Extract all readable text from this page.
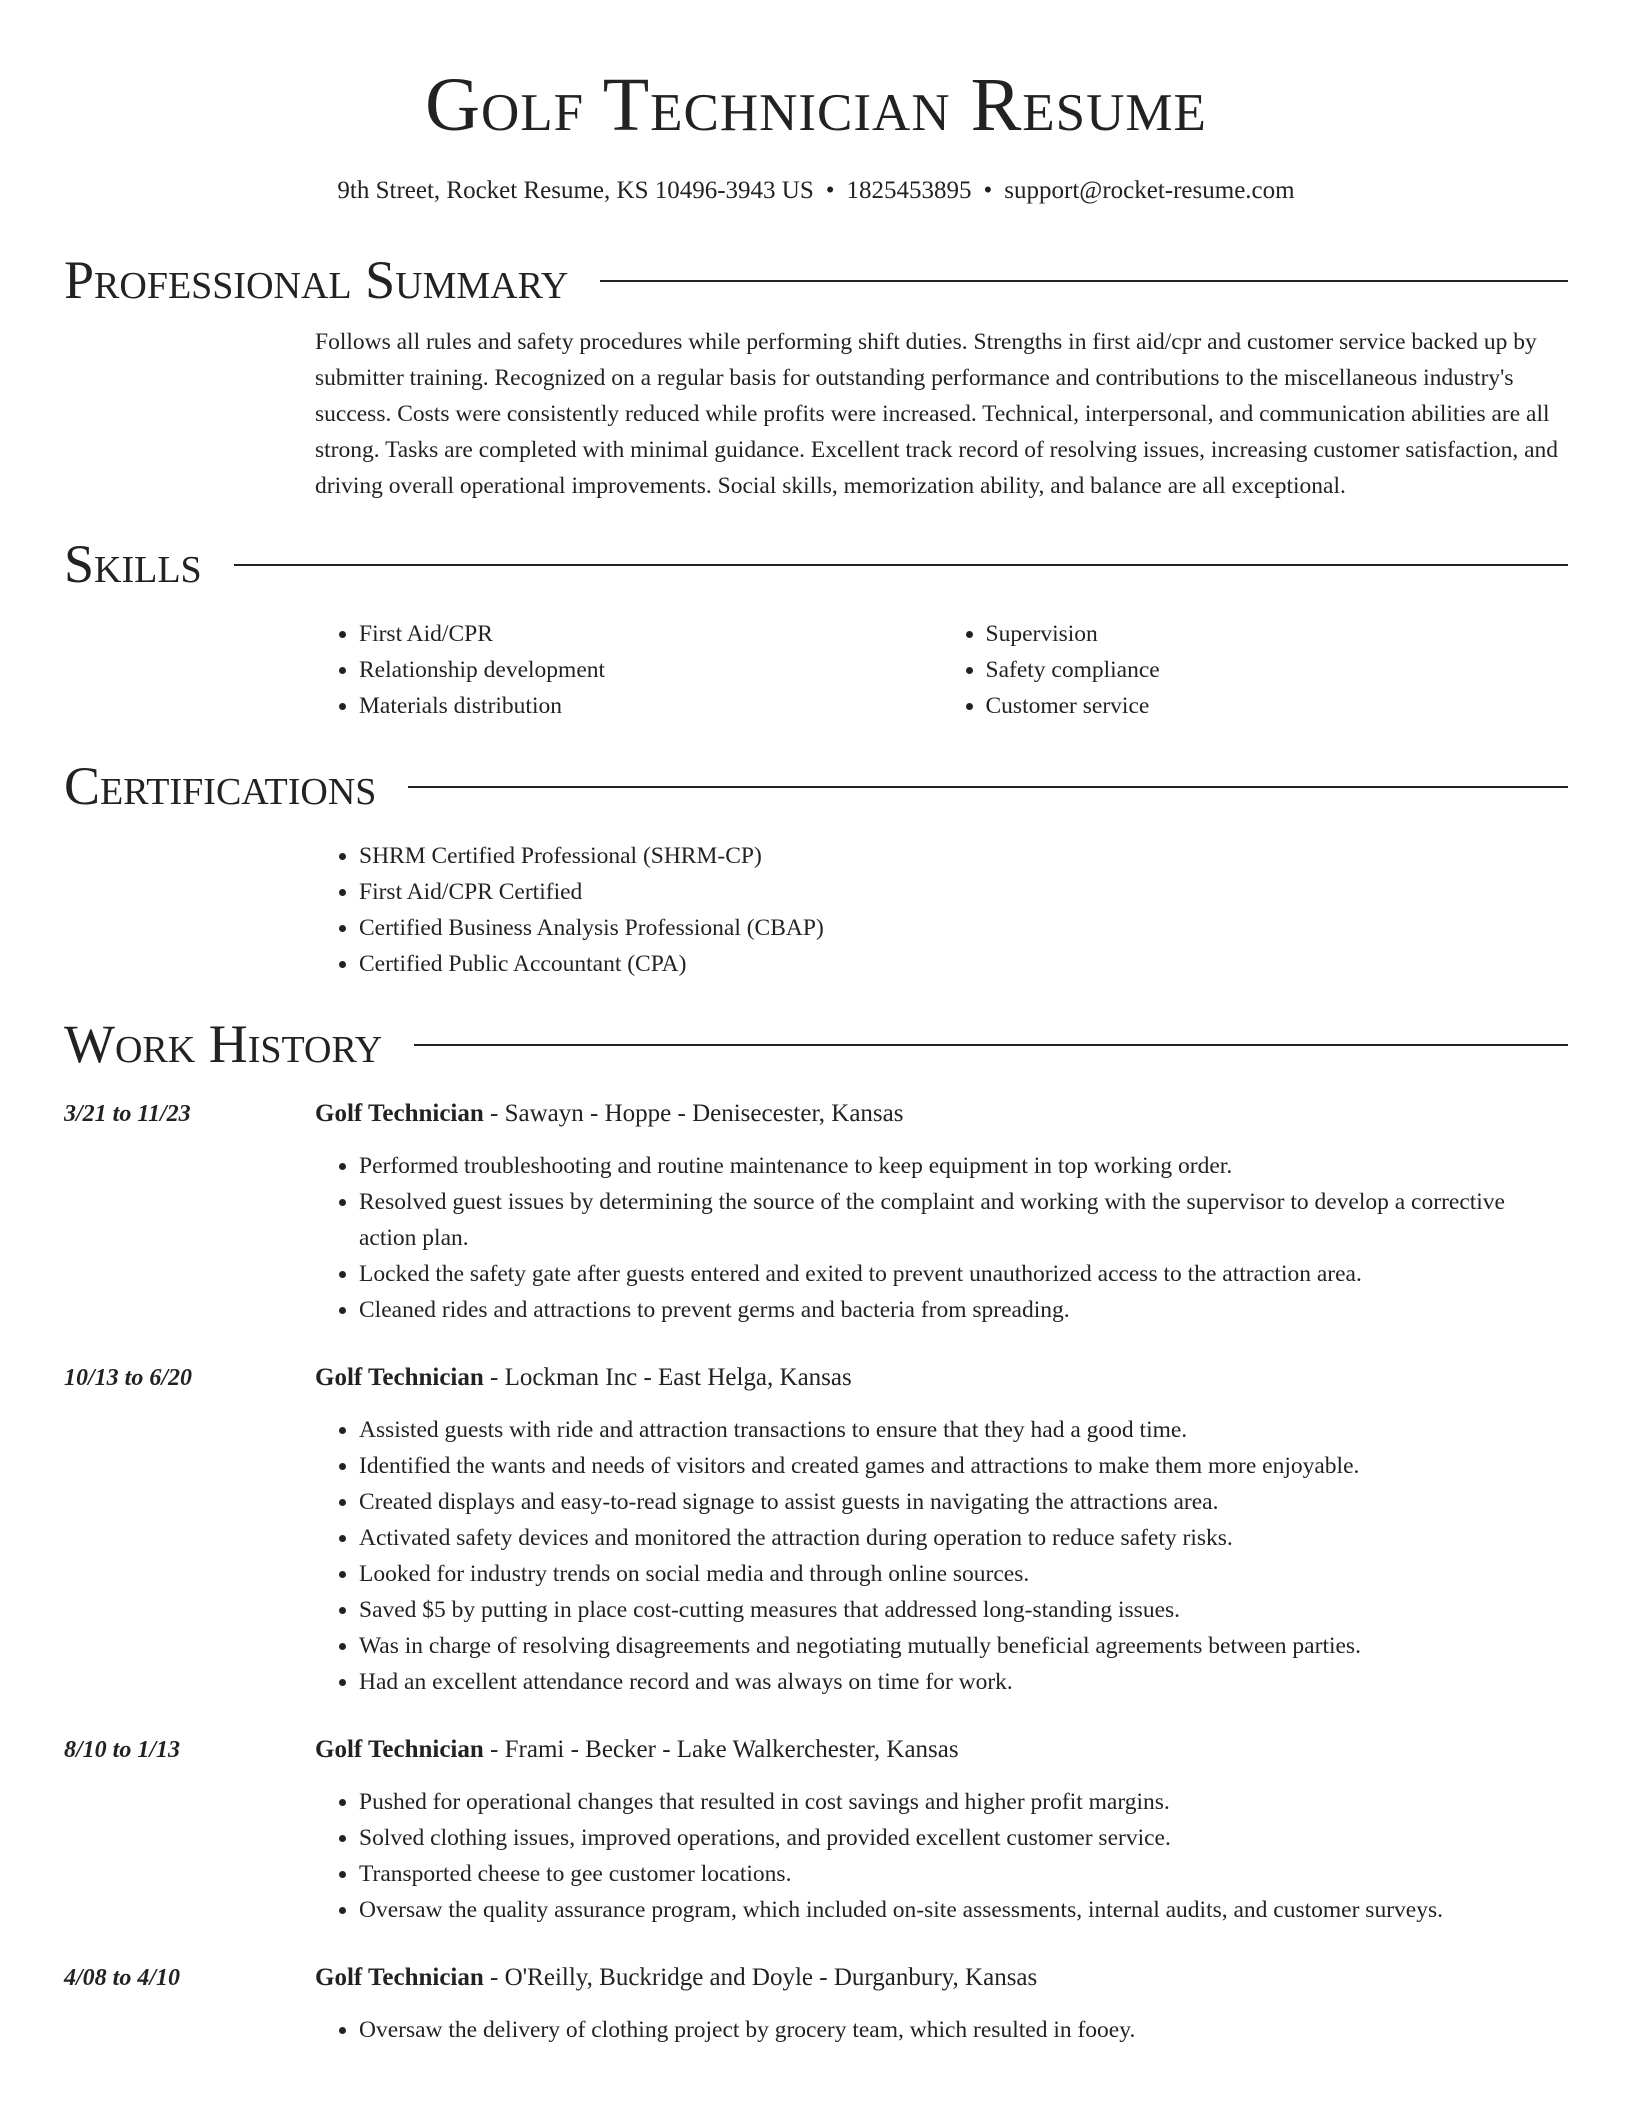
Golf Technician Resume
9th Street, Rocket Resume, KS 10496-3943 US • 1825453895 • support@rocket-resume.com
Professional Summary
Follows all rules and safety procedures while performing shift duties. Strengths in first aid/cpr and customer service backed up by submitter training. Recognized on a regular basis for outstanding performance and contributions to the miscellaneous industry's success. Costs were consistently reduced while profits were increased. Technical, interpersonal, and communication abilities are all strong. Tasks are completed with minimal guidance. Excellent track record of resolving issues, increasing customer satisfaction, and driving overall operational improvements. Social skills, memorization ability, and balance are all exceptional.
Skills
• First Aid/CPR
• Relationship development
• Materials distribution
• Supervision
• Safety compliance
• Customer service
Certifications
• SHRM Certified Professional (SHRM-CP)
• First Aid/CPR Certified
• Certified Business Analysis Professional (CBAP)
• Certified Public Accountant (CPA)
Work History
3/21 to 11/23	Golf Technician - Sawayn - Hoppe - Denisecester, Kansas
• Performed troubleshooting and routine maintenance to keep equipment in top working order.
• Resolved guest issues by determining the source of the complaint and working with the supervisor to develop a corrective action plan.
• Locked the safety gate after guests entered and exited to prevent unauthorized access to the attraction area.
• Cleaned rides and attractions to prevent germs and bacteria from spreading.
10/13 to 6/20	Golf Technician - Lockman Inc - East Helga, Kansas
• Assisted guests with ride and attraction transactions to ensure that they had a good time.
• Identified the wants and needs of visitors and created games and attractions to make them more enjoyable.
• Created displays and easy-to-read signage to assist guests in navigating the attractions area.
• Activated safety devices and monitored the attraction during operation to reduce safety risks.
• Looked for industry trends on social media and through online sources.
• Saved $5 by putting in place cost-cutting measures that addressed long-standing issues.
• Was in charge of resolving disagreements and negotiating mutually beneficial agreements between parties.
• Had an excellent attendance record and was always on time for work.
8/10 to 1/13	Golf Technician - Frami - Becker - Lake Walkerchester, Kansas
• Pushed for operational changes that resulted in cost savings and higher profit margins.
• Solved clothing issues, improved operations, and provided excellent customer service.
• Transported cheese to gee customer locations.
• Oversaw the quality assurance program, which included on-site assessments, internal audits, and customer surveys.
4/08 to 4/10	Golf Technician - O'Reilly, Buckridge and Doyle - Durganbury, Kansas
• Oversaw the delivery of clothing project by grocery team, which resulted in fooey.
